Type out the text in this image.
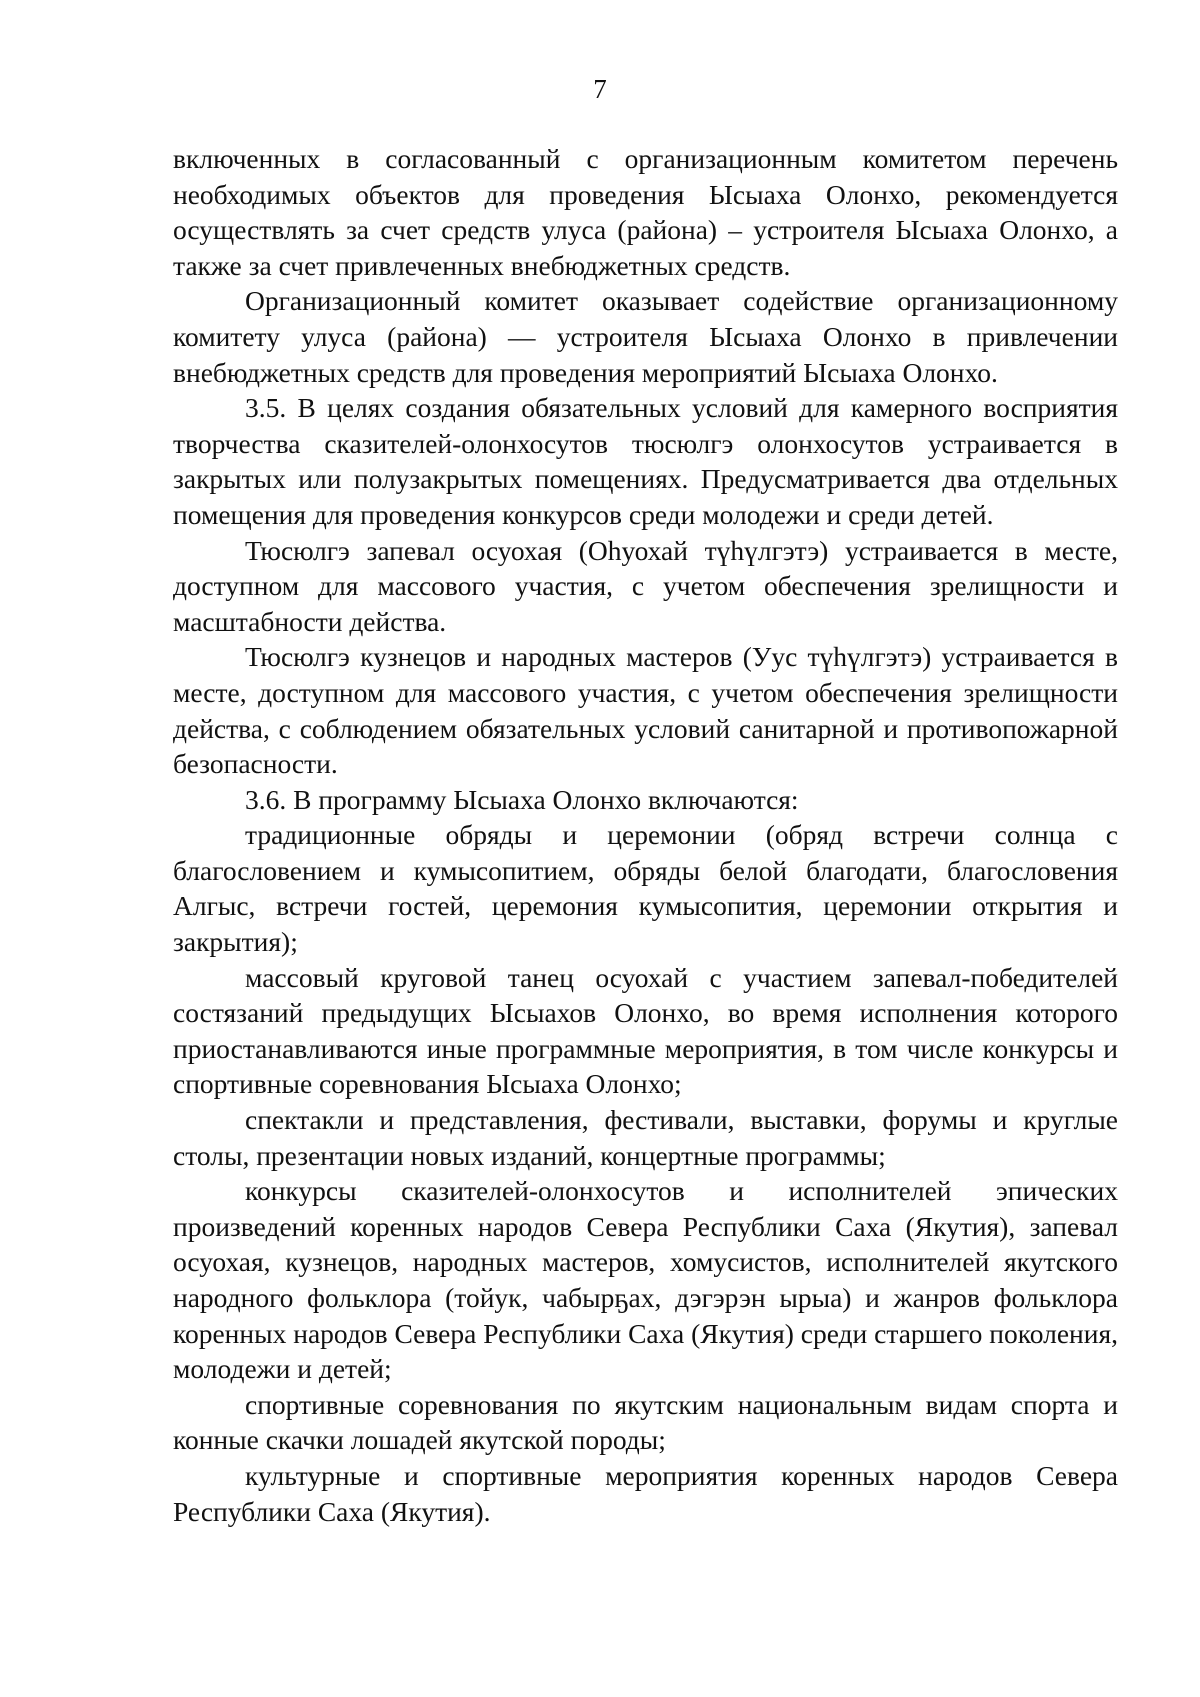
7

включенных в согласованный с организационным комитетом перечень необходимых объектов для проведения Ысыаха Олонхо, рекомендуется осуществлять за счет средств улуса (района) – устроителя Ысыаха Олонхо, а также за счет привлеченных внебюджетных средств.

Организационный комитет оказывает содействие организационному комитету улуса (района) — устроителя Ысыаха Олонхо в привлечении внебюджетных средств для проведения мероприятий Ысыаха Олонхо.

3.5. В целях создания обязательных условий для камерного восприятия творчества сказителей-олонхосутов тюсюлгэ олонхосутов устраивается в закрытых или полузакрытых помещениях. Предусматривается два отдельных помещения для проведения конкурсов среди молодежи и среди детей.

Тюсюлгэ запевал осуохая (Оһуохай түһүлгэтэ) устраивается в месте, доступном для массового участия, с учетом обеспечения зрелищности и масштабности действа.

Тюсюлгэ кузнецов и народных мастеров (Уус түһүлгэтэ) устраивается в месте, доступном для массового участия, с учетом обеспечения зрелищности действа, с соблюдением обязательных условий санитарной и противопожарной безопасности.

3.6. В программу Ысыаха Олонхо включаются:

традиционные обряды и церемонии (обряд встречи солнца с благословением и кумысопитием, обряды белой благодати, благословения Алгыс, встречи гостей, церемония кумысопития, церемонии открытия и закрытия);

массовый круговой танец осуохай с участием запевал-победителей состязаний предыдущих Ысыахов Олонхо, во время исполнения которого приостанавливаются иные программные мероприятия, в том числе конкурсы и спортивные соревнования Ысыаха Олонхо;

спектакли и представления, фестивали, выставки, форумы и круглые столы, презентации новых изданий, концертные программы;

конкурсы сказителей-олонхосутов и исполнителей эпических произведений коренных народов Севера Республики Саха (Якутия), запевал осуохая, кузнецов, народных мастеров, хомусистов, исполнителей якутского народного фольклора (тойук, чабырҕах, дэгэрэн ырыа) и жанров фольклора коренных народов Севера Республики Саха (Якутия) среди старшего поколения, молодежи и детей;

спортивные соревнования по якутским национальным видам спорта и конные скачки лошадей якутской породы;

культурные и спортивные мероприятия коренных народов Севера Республики Саха (Якутия).
